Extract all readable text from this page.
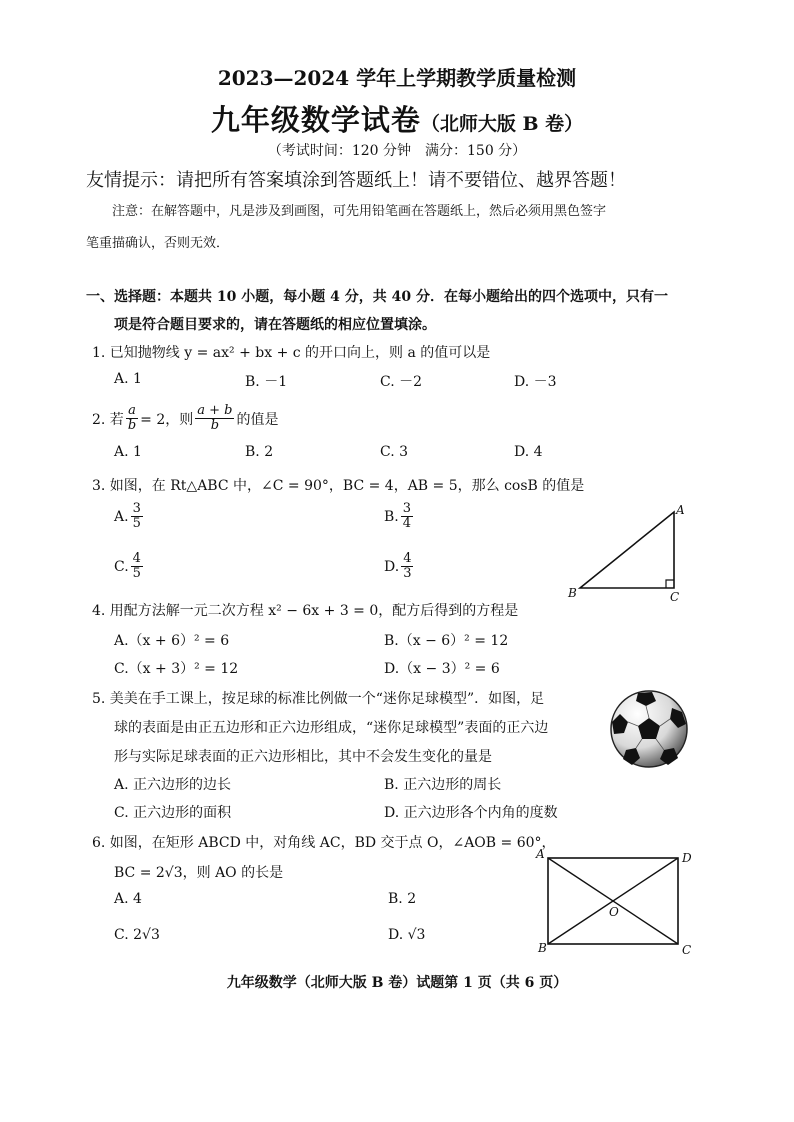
2023—2024 学年上学期教学质量检测
九年级数学试卷（北师大版 B 卷）
（考试时间：120 分钟　满分：150 分）
友情提示：请把所有答案填涂到答题纸上！请不要错位、越界答题！
注意：在解答题中，凡是涉及到画图，可先用铅笔画在答题纸上，然后必须用黑色签字
笔重描确认，否则无效．
一、选择题：本题共 10 小题，每小题 4 分，共 40 分．在每小题给出的四个选项中，只有一
项是符合题目要求的，请在答题纸的相应位置填涂。
1. 已知抛物线 y = ax² + bx + c 的开口向上，则 a 的值可以是
A. 1	B. －1	C. －2	D. －3
2. 若 $\frac{a}{b} = 2$，则 $\frac{a + b}{b}$ 的值是
A. 1	B. 2	C. 3	D. 4
3. 如图，在 Rt△ABC 中，∠C = 90°，BC = 4，AB = 5，那么 cosB 的值是
A. $\frac{3}{5}$	B. $\frac{3}{4}$
C. $\frac{4}{5}$	D. $\frac{4}{3}$
A
B	C
4. 用配方法解一元二次方程 x² − 6x + 3 = 0，配方后得到的方程是
A.（x + 6）² = 6	B.（x − 6）² = 12
C.（x + 3）² = 12	D.（x − 3）² = 6
5. 美美在手工课上，按足球的标准比例做一个“迷你足球模型”．如图，足
球的表面是由正五边形和正六边形组成，“迷你足球模型”表面的正六边
形与实际足球表面的正六边形相比，其中不会发生变化的量是
A. 正六边形的边长	B. 正六边形的周长
C. 正六边形的面积	D. 正六边形各个内角的度数
6. 如图，在矩形 ABCD 中，对角线 AC，BD 交于点 O，∠AOB = 60°，
BC = 2√3，则 AO 的长是
A. 4	B. 2
C. 2√3	D. √3
A	D
O
B	C
九年级数学（北师大版 B 卷）试题第 1 页（共 6 页）
